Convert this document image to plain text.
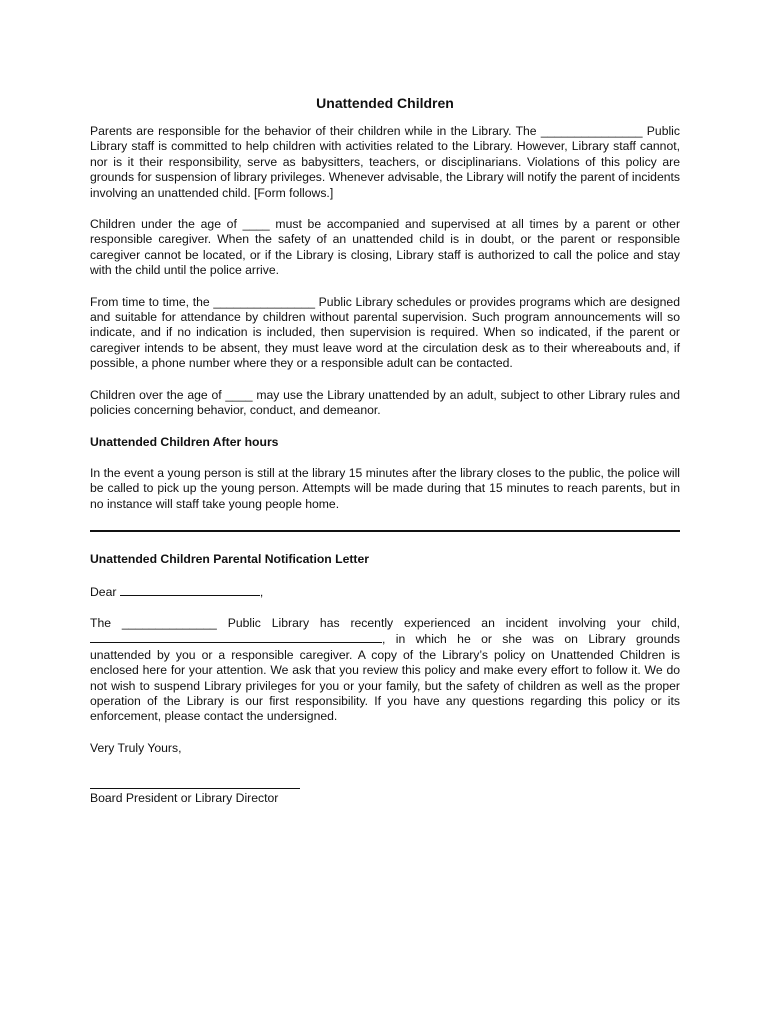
Unattended Children

Parents are responsible for the behavior of their children while in the Library. The _______________ Public Library staff is committed to help children with activities related to the Library. However, Library staff cannot, nor is it their responsibility, serve as babysitters, teachers, or disciplinarians. Violations of this policy are grounds for suspension of library privileges. Whenever advisable, the Library will notify the parent of incidents involving an unattended child. [Form follows.]

Children under the age of ____ must be accompanied and supervised at all times by a parent or other responsible caregiver. When the safety of an unattended child is in doubt, or the parent or responsible caregiver cannot be located, or if the Library is closing, Library staff is authorized to call the police and stay with the child until the police arrive.

From time to time, the _______________ Public Library schedules or provides programs which are designed and suitable for attendance by children without parental supervision. Such program announcements will so indicate, and if no indication is included, then supervision is required. When so indicated, if the parent or caregiver intends to be absent, they must leave word at the circulation desk as to their whereabouts and, if possible, a phone number where they or a responsible adult can be contacted.

Children over the age of ____ may use the Library unattended by an adult, subject to other Library rules and policies concerning behavior, conduct, and demeanor.

Unattended Children After hours

In the event a young person is still at the library 15 minutes after the library closes to the public, the police will be called to pick up the young person. Attempts will be made during that 15 minutes to reach parents, but in no instance will staff take young people home.

Unattended Children Parental Notification Letter
Dear	,

The ______________ Public Library has recently experienced an incident involving your child, , in which he or she was on Library grounds unattended by you or a responsible caregiver. A copy of the Library’s policy on Unattended Children is enclosed here for your attention. We ask that you review this policy and make every effort to follow it. We do not wish to suspend Library privileges for you or your family, but the safety of children as well as the proper operation of the Library is our first responsibility. If you have any questions regarding this policy or its enforcement, please contact the undersigned.

Very Truly Yours,
Board President or Library Director
